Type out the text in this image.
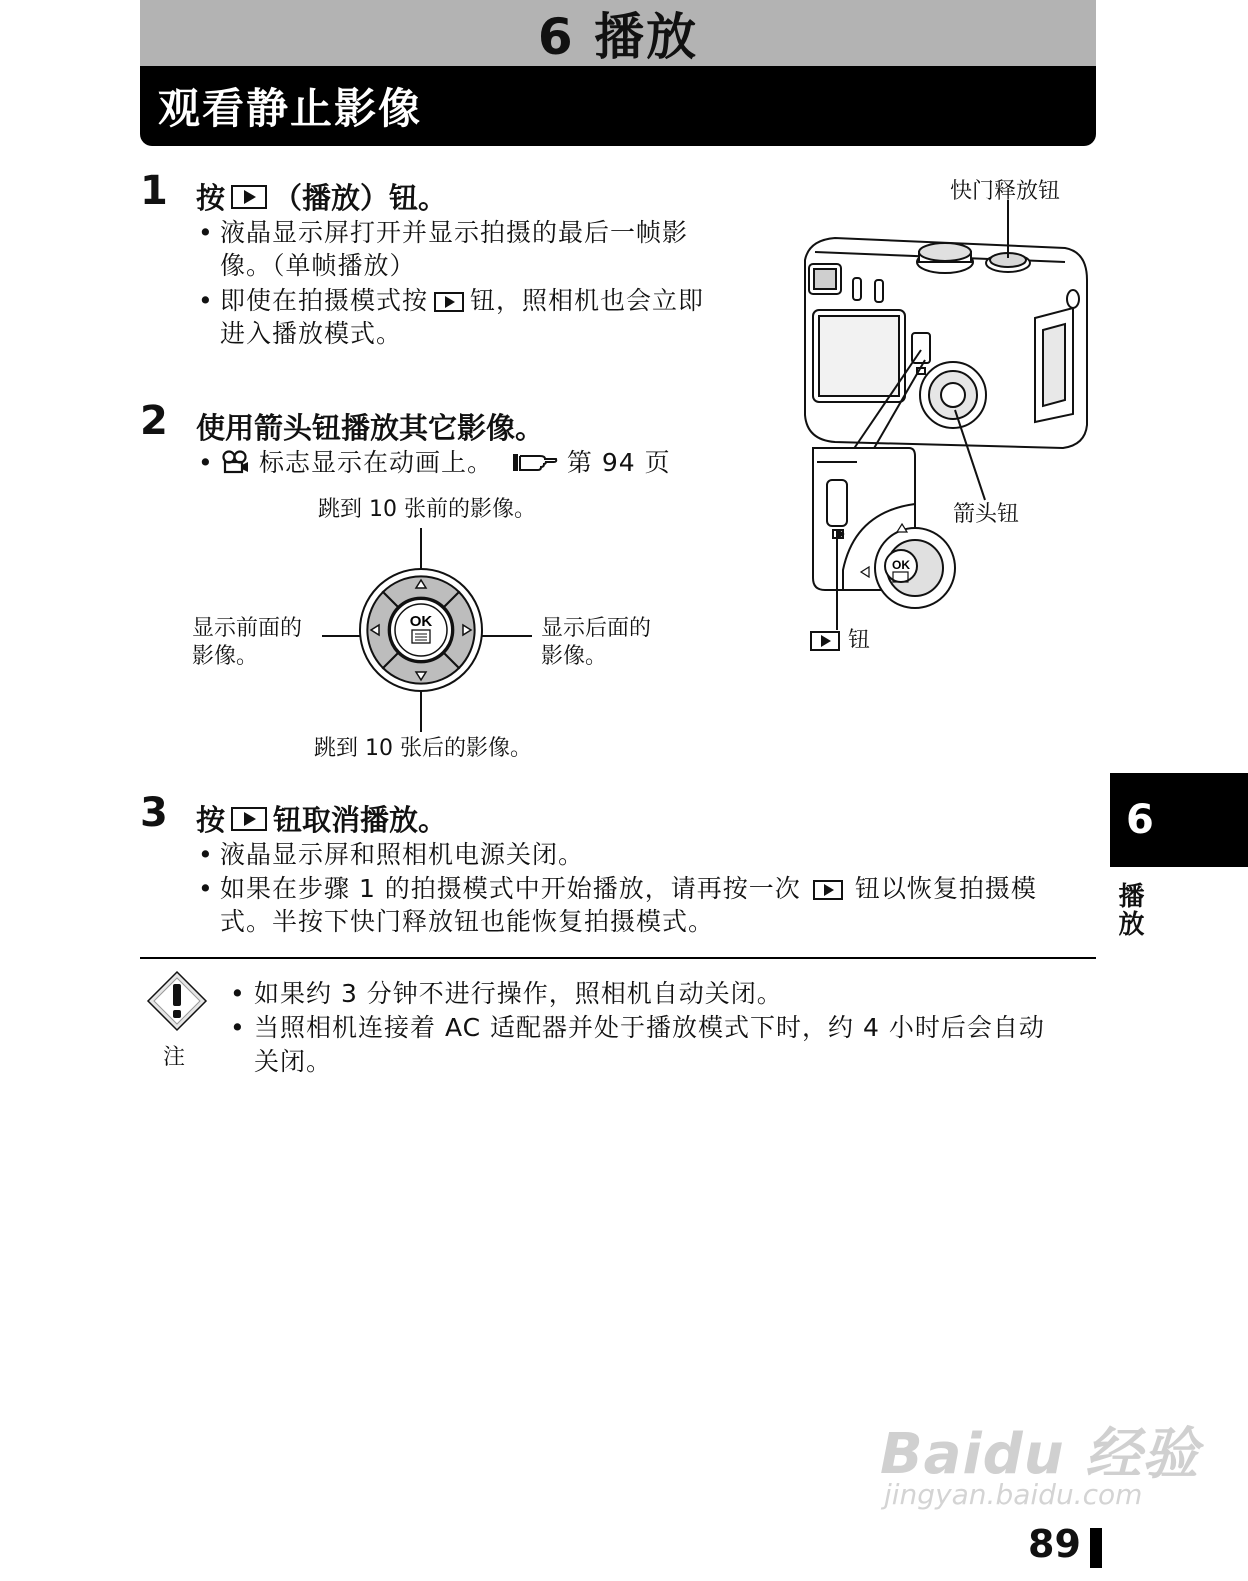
6 播放
观看静止影像
1 按 （播放）钮。
• 液晶显示屏打开并显示拍摄的最后一帧影
像。（单帧播放）
• 即使在拍摄模式按 钮，照相机也会立即
进入播放模式。
2 使用箭头钮播放其它影像。
• 标志显示在动画上。	第 94 页
OK
跳到 10 张前的影像。
跳到 10 张后的影像。
显示前面的
影像。
显示后面的
影像。
快门释放钮
箭头钮
钮
OK
3 按 钮取消播放。
• 液晶显示屏和照相机电源关闭。
• 如果在步骤 1 的拍摄模式中开始播放，请再按一次 钮以恢复拍摄模
式。半按下快门释放钮也能恢复拍摄模式。
6
播放
注
• 如果约 3 分钟不进行操作，照相机自动关闭。
• 当照相机连接着 AC 适配器并处于播放模式下时，约 4 小时后会自动
关闭。
Baidu 经验
jingyan.baidu.com
89
